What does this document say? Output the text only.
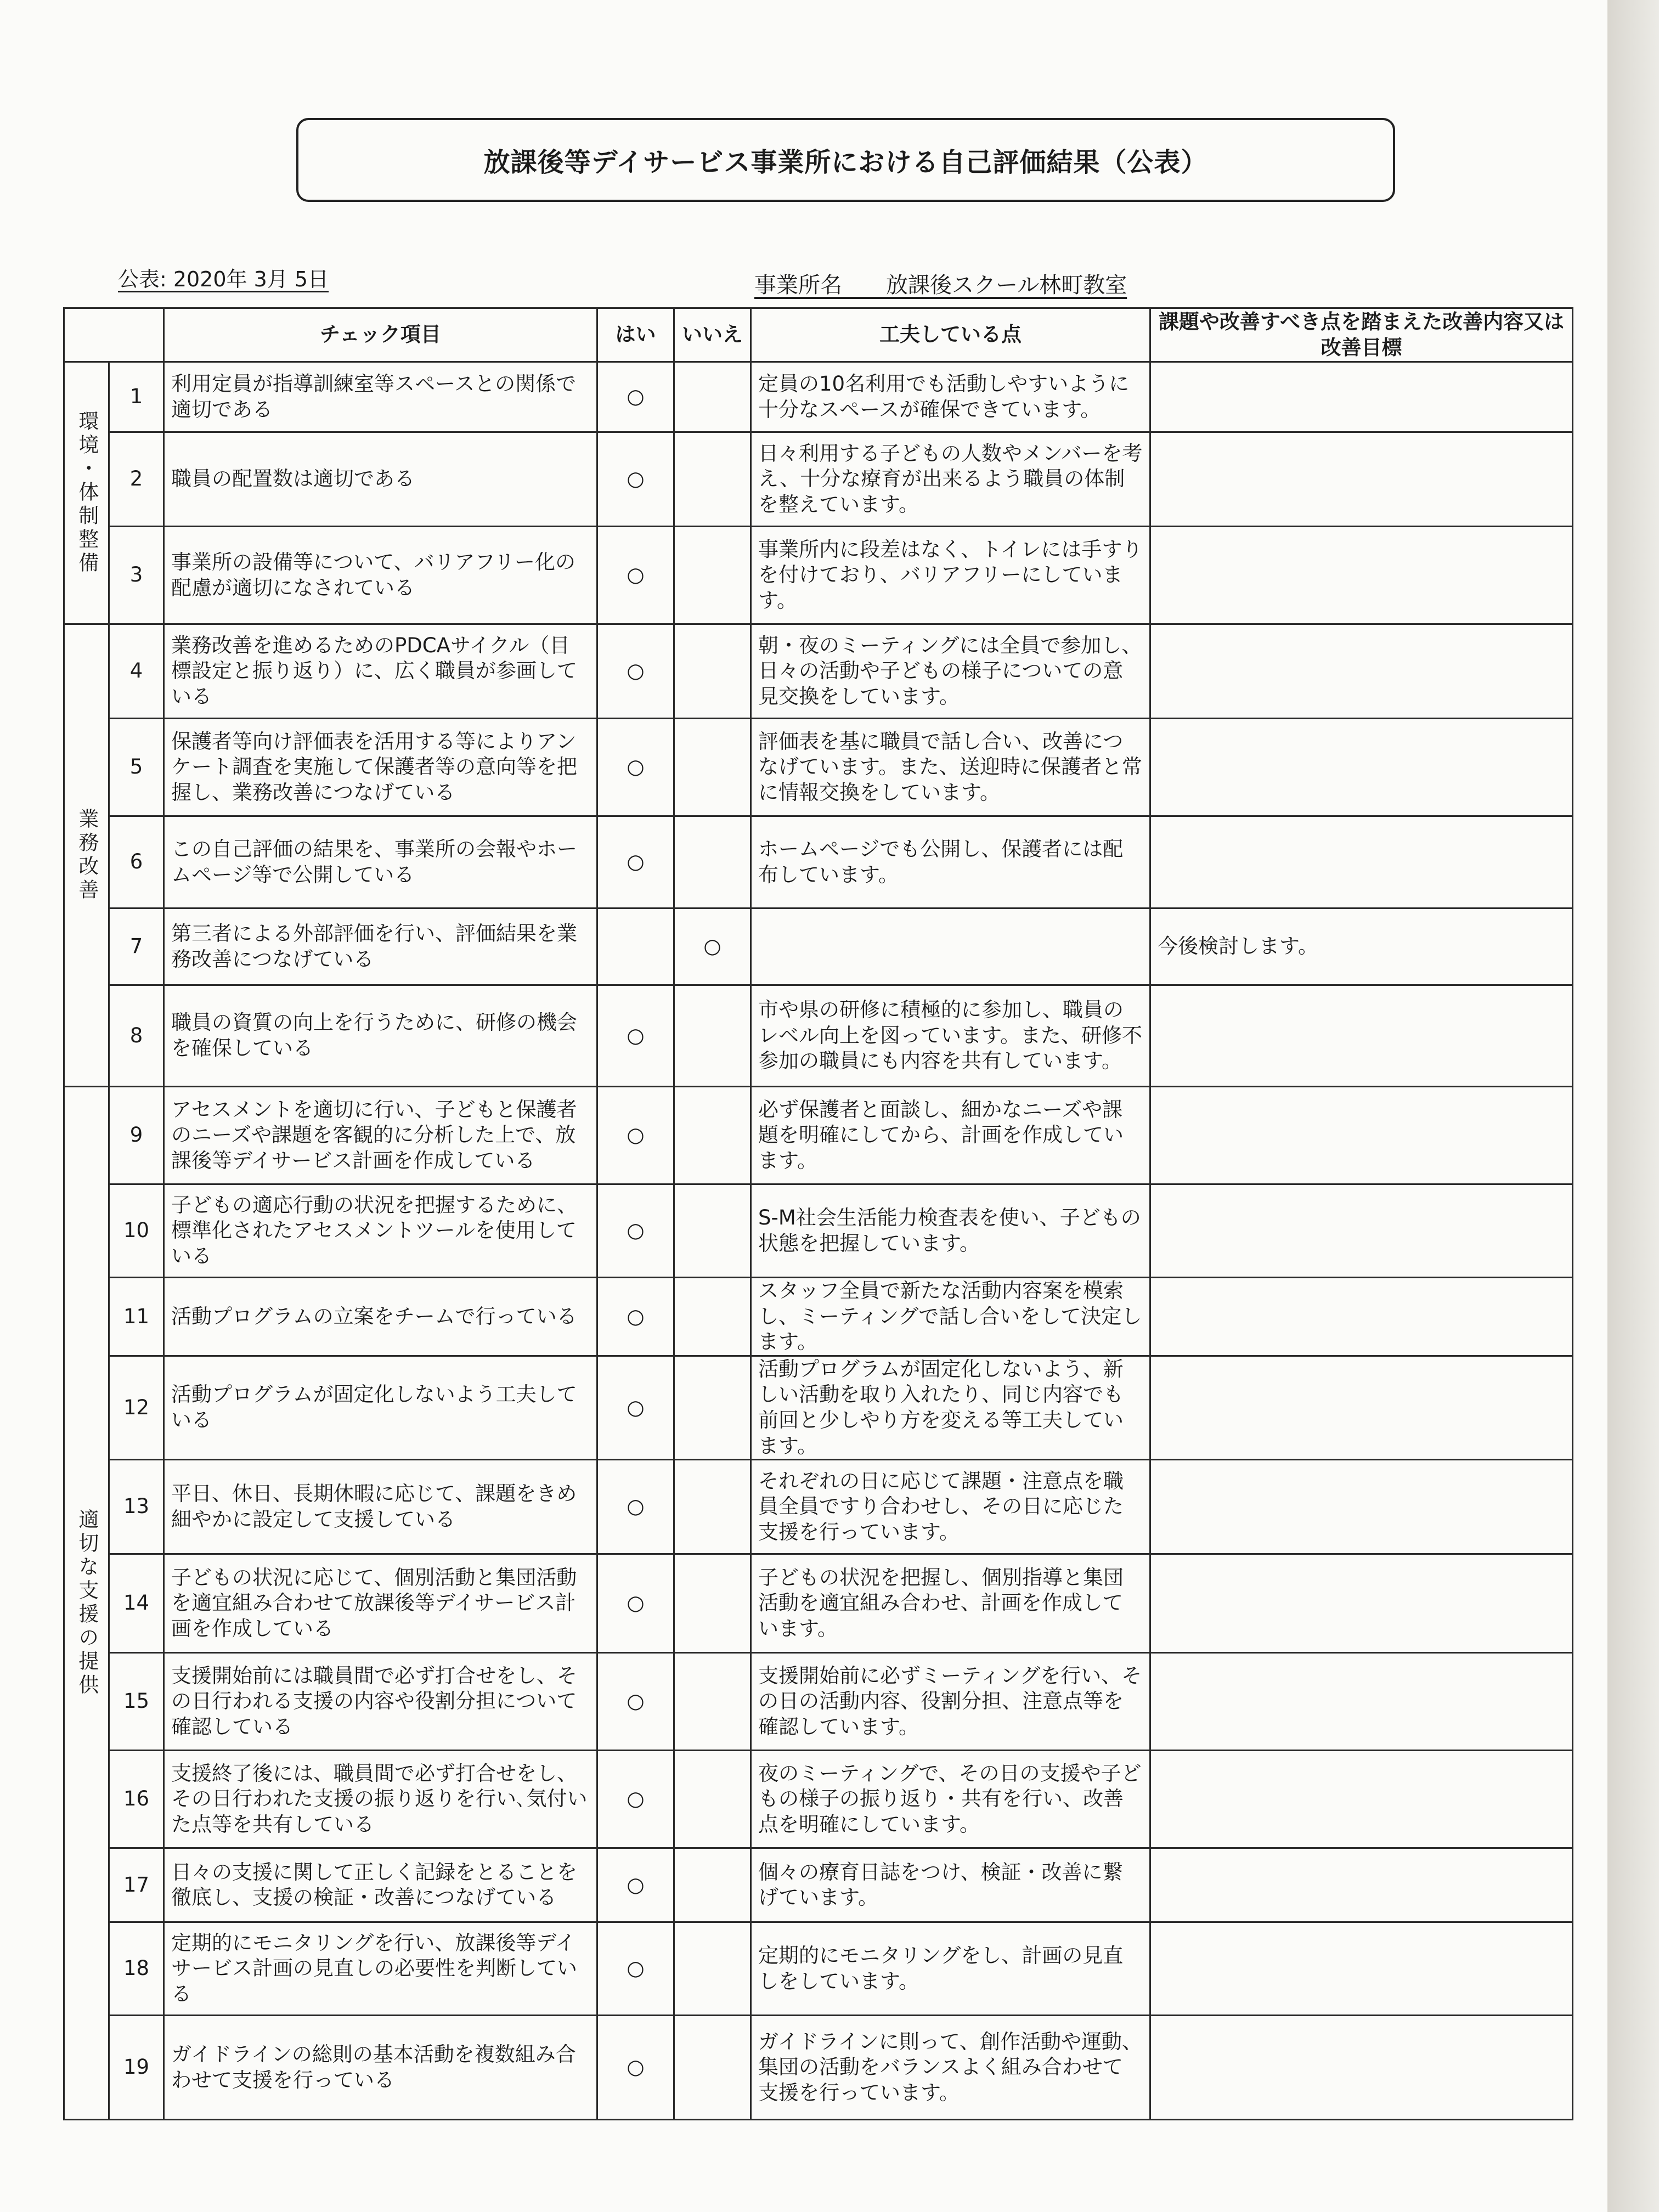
放課後等デイサービス事業所における自己評価結果（公表）
公表: 2020年 3月 5日	事業所名　　放課後スクール林町教室
		チェック項目	はい	いいえ	工夫している点	課題や改善すべき点を踏まえた改善内容又は改善目標
環境・体制整備	1	利用定員が指導訓練室等スペースとの関係で適切である	○		定員の10名利用でも活動しやすいように十分なスペースが確保できています。	
	2	職員の配置数は適切である	○		日々利用する子どもの人数やメンバーを考え、十分な療育が出来るよう職員の体制を整えています。	
	3	事業所の設備等について、バリアフリー化の配慮が適切になされている	○		事業所内に段差はなく、トイレには手すりを付けており、バリアフリーにしています。	
業務改善	4	業務改善を進めるためのPDCAサイクル（目標設定と振り返り）に、広く職員が参画している	○		朝・夜のミーティングには全員で参加し、日々の活動や子どもの様子についての意見交換をしています。	
	5	保護者等向け評価表を活用する等によりアンケート調査を実施して保護者等の意向等を把握し、業務改善につなげている	○		評価表を基に職員で話し合い、改善につなげています。また、送迎時に保護者と常に情報交換をしています。	
	6	この自己評価の結果を、事業所の会報やホームページ等で公開している	○		ホームページでも公開し、保護者には配布しています。	
	7	第三者による外部評価を行い、評価結果を業務改善につなげている		○		今後検討します。
	8	職員の資質の向上を行うために、研修の機会を確保している	○		市や県の研修に積極的に参加し、職員のレベル向上を図っています。また、研修不参加の職員にも内容を共有しています。	
適切な支援の提供	9	アセスメントを適切に行い、子どもと保護者のニーズや課題を客観的に分析した上で、放課後等デイサービス計画を作成している	○		必ず保護者と面談し、細かなニーズや課題を明確にしてから、計画を作成しています。	
	10	子どもの適応行動の状況を把握するために、標準化されたアセスメントツールを使用している	○		S-M社会生活能力検査表を使い、子どもの状態を把握しています。	
	11	活動プログラムの立案をチームで行っている	○		スタッフ全員で新たな活動内容案を模索し、ミーティングで話し合いをして決定します。	
	12	活動プログラムが固定化しないよう工夫している	○		活動プログラムが固定化しないよう、新しい活動を取り入れたり、同じ内容でも前回と少しやり方を変える等工夫しています。	
	13	平日、休日、長期休暇に応じて、課題をきめ細やかに設定して支援している	○		それぞれの日に応じて課題・注意点を職員全員ですり合わせし、その日に応じた支援を行っています。	
	14	子どもの状況に応じて、個別活動と集団活動を適宜組み合わせて放課後等デイサービス計画を作成している	○		子どもの状況を把握し、個別指導と集団活動を適宜組み合わせ、計画を作成しています。	
	15	支援開始前には職員間で必ず打合せをし、その日行われる支援の内容や役割分担について確認している	○		支援開始前に必ずミーティングを行い、その日の活動内容、役割分担、注意点等を確認しています。	
	16	支援終了後には、職員間で必ず打合せをし、その日行われた支援の振り返りを行い､気付いた点等を共有している	○		夜のミーティングで、その日の支援や子どもの様子の振り返り・共有を行い、改善点を明確にしています。	
	17	日々の支援に関して正しく記録をとることを徹底し、支援の検証・改善につなげている	○		個々の療育日誌をつけ、検証・改善に繋げています。	
	18	定期的にモニタリングを行い、放課後等デイサービス計画の見直しの必要性を判断している	○		定期的にモニタリングをし、計画の見直しをしています。	
	19	ガイドラインの総則の基本活動を複数組み合わせて支援を行っている	○		ガイドラインに則って、創作活動や運動、集団の活動をバランスよく組み合わせて支援を行っています。	
